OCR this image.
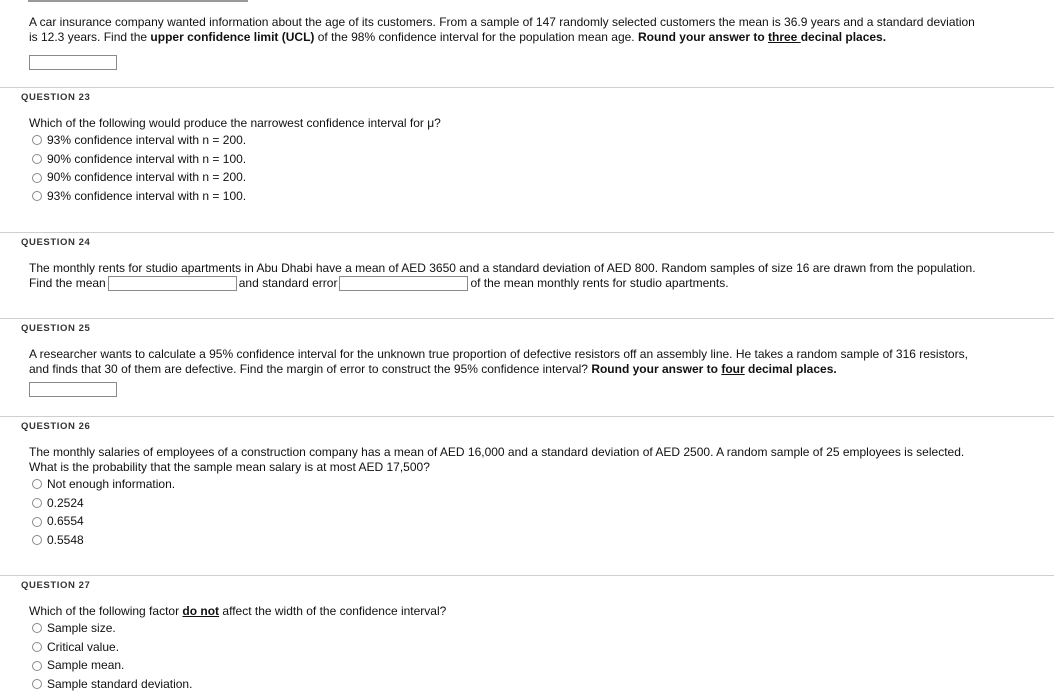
A car insurance company wanted information about the age of its customers. From a sample of 147 randomly selected customers the mean is 36.9 years and a standard deviation is 12.3 years. Find the upper confidence limit (UCL) of the 98% confidence interval for the population mean age. Round your answer to three decinal places.

QUESTION 23

Which of the following would produce the narrowest confidence interval for μ?

93% confidence interval with n = 200.
90% confidence interval with n = 100.
90% confidence interval with n = 200.
93% confidence interval with n = 100.
QUESTION 24

The monthly rents for studio apartments in Abu Dhabi have a mean of AED 3650 and a standard deviation of AED 800. Random samples of size 16 are drawn from the population. Find the mean	and standard error	of the mean monthly rents for studio apartments.

QUESTION 25

A researcher wants to calculate a 95% confidence interval for the unknown true proportion of defective resistors off an assembly line. He takes a random sample of 316 resistors, and finds that 30 of them are defective. Find the margin of error to construct the 95% confidence interval? Round your answer to four decimal places.

QUESTION 26

The monthly salaries of employees of a construction company has a mean of AED 16,000 and a standard deviation of AED 2500. A random sample of 25 employees is selected. What is the probability that the sample mean salary is at most AED 17,500?

Not enough information.
0.2524
0.6554
0.5548
QUESTION 27

Which of the following factor do not affect the width of the confidence interval?

Sample size.
Critical value.
Sample mean.
Sample standard deviation.
